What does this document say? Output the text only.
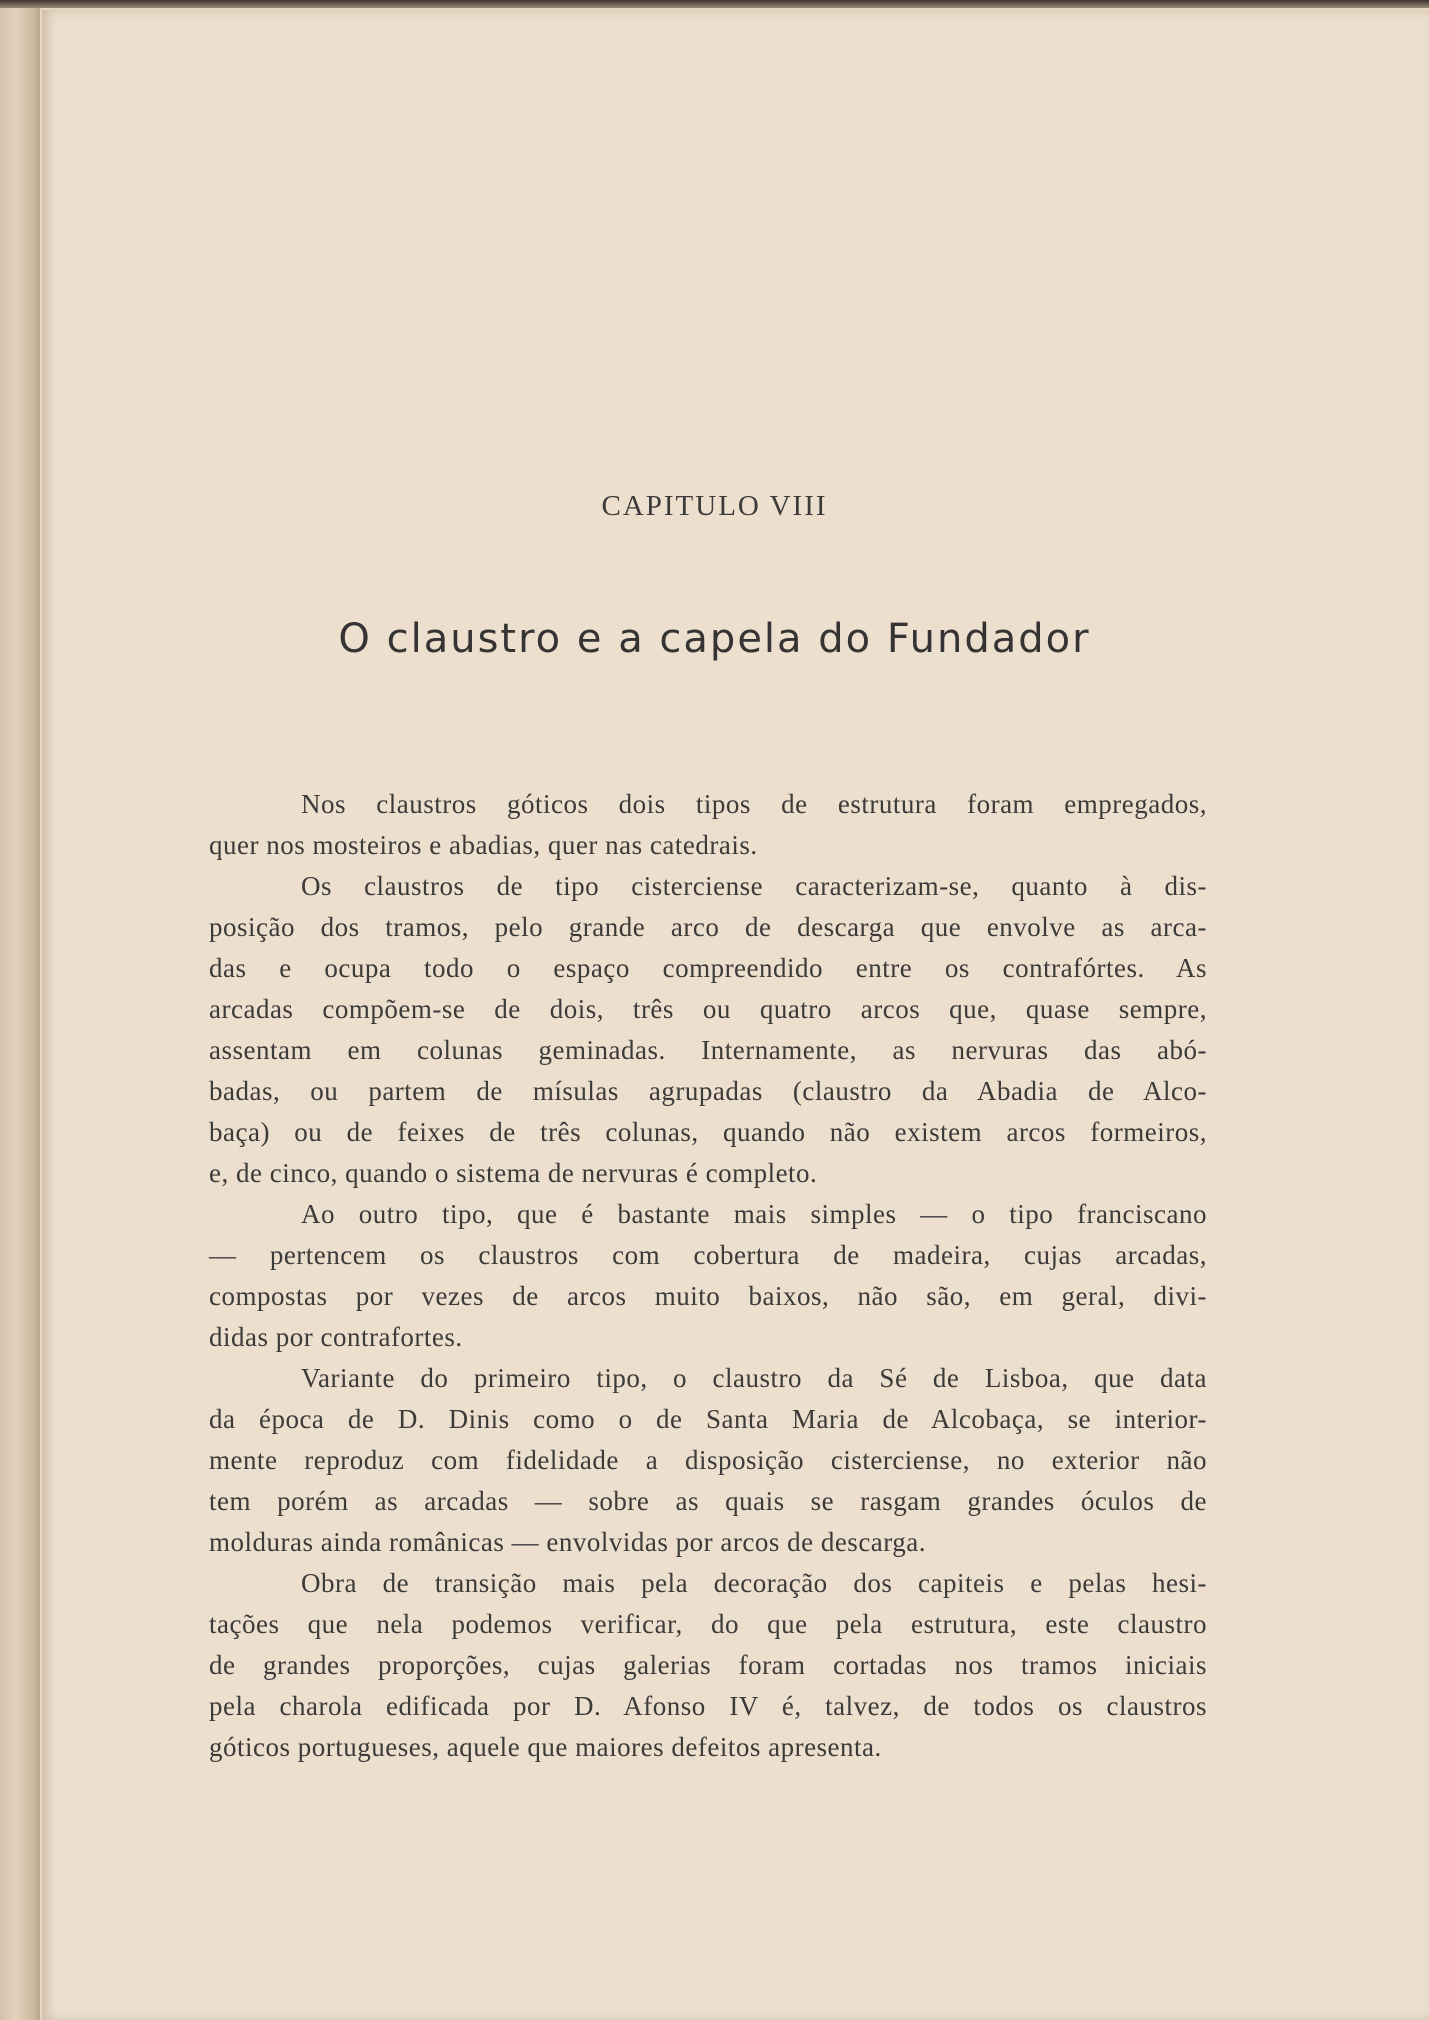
CAPITULO VIII
O claustro e a capela do Fundador
Nos claustros góticos dois tipos de estrutura foram empregados,
quer nos mosteiros e abadias, quer nas catedrais.
Os claustros de tipo cisterciense caracterizam-se, quanto à dis-
posição dos tramos, pelo grande arco de descarga que envolve as arca-
das e ocupa todo o espaço compreendido entre os contrafórtes. As
arcadas compõem-se de dois, três ou quatro arcos que, quase sempre,
assentam em colunas geminadas. Internamente, as nervuras das abó-
badas, ou partem de mísulas agrupadas (claustro da Abadia de Alco-
baça) ou de feixes de três colunas, quando não existem arcos formeiros,
e, de cinco, quando o sistema de nervuras é completo.
Ao outro tipo, que é bastante mais simples — o tipo franciscano
— pertencem os claustros com cobertura de madeira, cujas arcadas,
compostas por vezes de arcos muito baixos, não são, em geral, divi-
didas por contrafortes.
Variante do primeiro tipo, o claustro da Sé de Lisboa, que data
da época de D. Dinis como o de Santa Maria de Alcobaça, se interior-
mente reproduz com fidelidade a disposição cisterciense, no exterior não
tem porém as arcadas — sobre as quais se rasgam grandes óculos de
molduras ainda românicas — envolvidas por arcos de descarga.
Obra de transição mais pela decoração dos capiteis e pelas hesi-
tações que nela podemos verificar, do que pela estrutura, este claustro
de grandes proporções, cujas galerias foram cortadas nos tramos iniciais
pela charola edificada por D. Afonso IV é, talvez, de todos os claustros
góticos portugueses, aquele que maiores defeitos apresenta.
